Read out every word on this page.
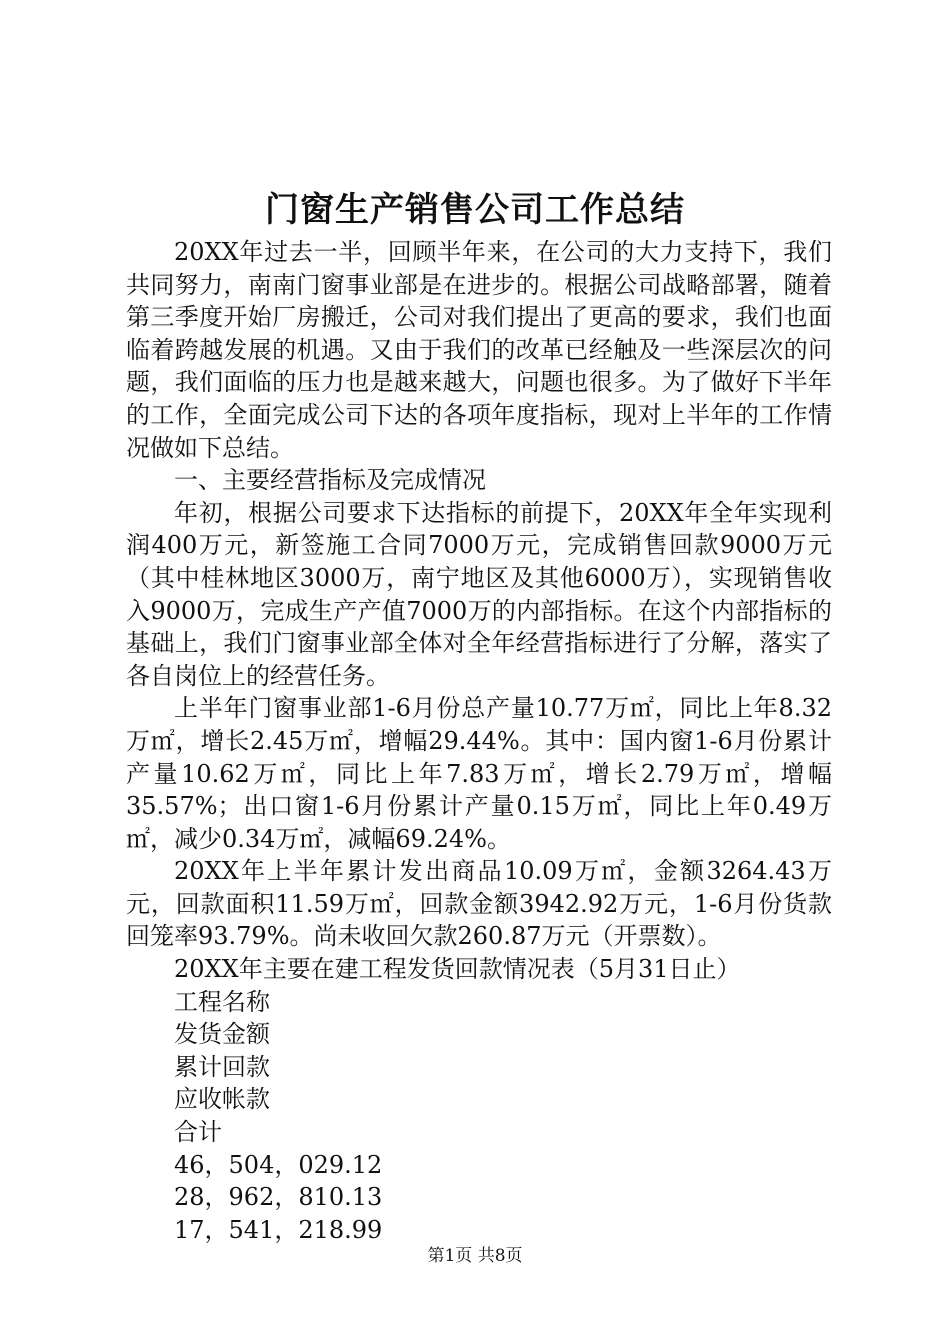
门窗生产销售公司工作总结

20XX年过去一半，回顾半年来，在公司的大力支持下，我们共同努力，南南门窗事业部是在进步的。根据公司战略部署，随着第三季度开始厂房搬迁，公司对我们提出了更高的要求，我们也面临着跨越发展的机遇。又由于我们的改革已经触及一些深层次的问题，我们面临的压力也是越来越大，问题也很多。为了做好下半年的工作，全面完成公司下达的各项年度指标，现对上半年的工作情况做如下总结。

一、主要经营指标及完成情况

年初，根据公司要求下达指标的前提下，20XX年全年实现利润400万元，新签施工合同7000万元，完成销售回款9000万元（其中桂林地区3000万，南宁地区及其他6000万），实现销售收入9000万，完成生产产值7000万的内部指标。在这个内部指标的基础上，我们门窗事业部全体对全年经营指标进行了分解，落实了各自岗位上的经营任务。

上半年门窗事业部1-6月份总产量10.77万㎡，同比上年8.32万㎡，增长2.45万㎡，增幅29.44%。其中：国内窗1-6月份累计产量10.62万㎡，同比上年7.83万㎡，增长2.79万㎡，增幅35.57%；出口窗1-6月份累计产量0.15万㎡，同比上年0.49万㎡，减少0.34万㎡，减幅69.24%。

20XX年上半年累计发出商品10.09万㎡，金额3264.43万元，回款面积11.59万㎡，回款金额3942.92万元，1-6月份货款回笼率93.79%。尚未收回欠款260.87万元（开票数）。

20XX年主要在建工程发货回款情况表（5月31日止）

工程名称

发货金额

累计回款

应收帐款

合计

46，504，029.12

28，962，810.13

17，541，218.99

第1页 共8页
